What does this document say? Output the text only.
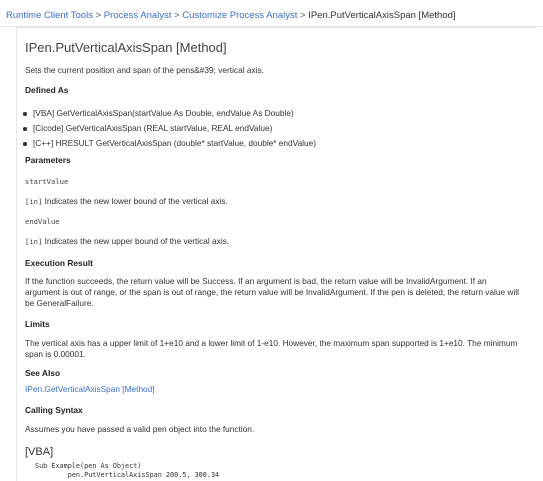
Runtime Client Tools > Process Analyst > Customize Process Analyst > IPen.PutVerticalAxisSpan [Method]
IPen.PutVerticalAxisSpan [Method]
Sets the current position and span of the pens&#39; vertical axis.
Defined As
[VBA] GetVerticalAxisSpan(startValue As Double, endValue As Double)
[Cicode] GetVerticalAxisSpan (REAL startValue, REAL endValue)
[C++] HRESULT GetVerticalAxisSpan (double* startValue, double* endValue)
Parameters
startValue
[in] Indicates the new lower bound of the vertical axis.
endValue
[in] Indicates the new upper bound of the vertical axis.
Execution Result
If the function succeeds, the return value will be Success. If an argument is bad, the return value will be InvalidArgument. If an
argument is out of range, or the span is out of range, the return value will be InvalidArgument. If the pen is deleted, the return value will
be GeneralFailure.
Limits
The vertical axis has a upper limit of 1+e10 and a lower limit of 1-e10. However, the maximum span supported is 1+e10. The minimum
span is 0.00001.
See Also
IPen.GetVerticalAxisSpan [Method]
Calling Syntax
Assumes you have passed a valid pen object into the function.
[VBA]
Sub Example(pen As Object)
pen.PutVerticalAxisSpan 200.5, 300.34
